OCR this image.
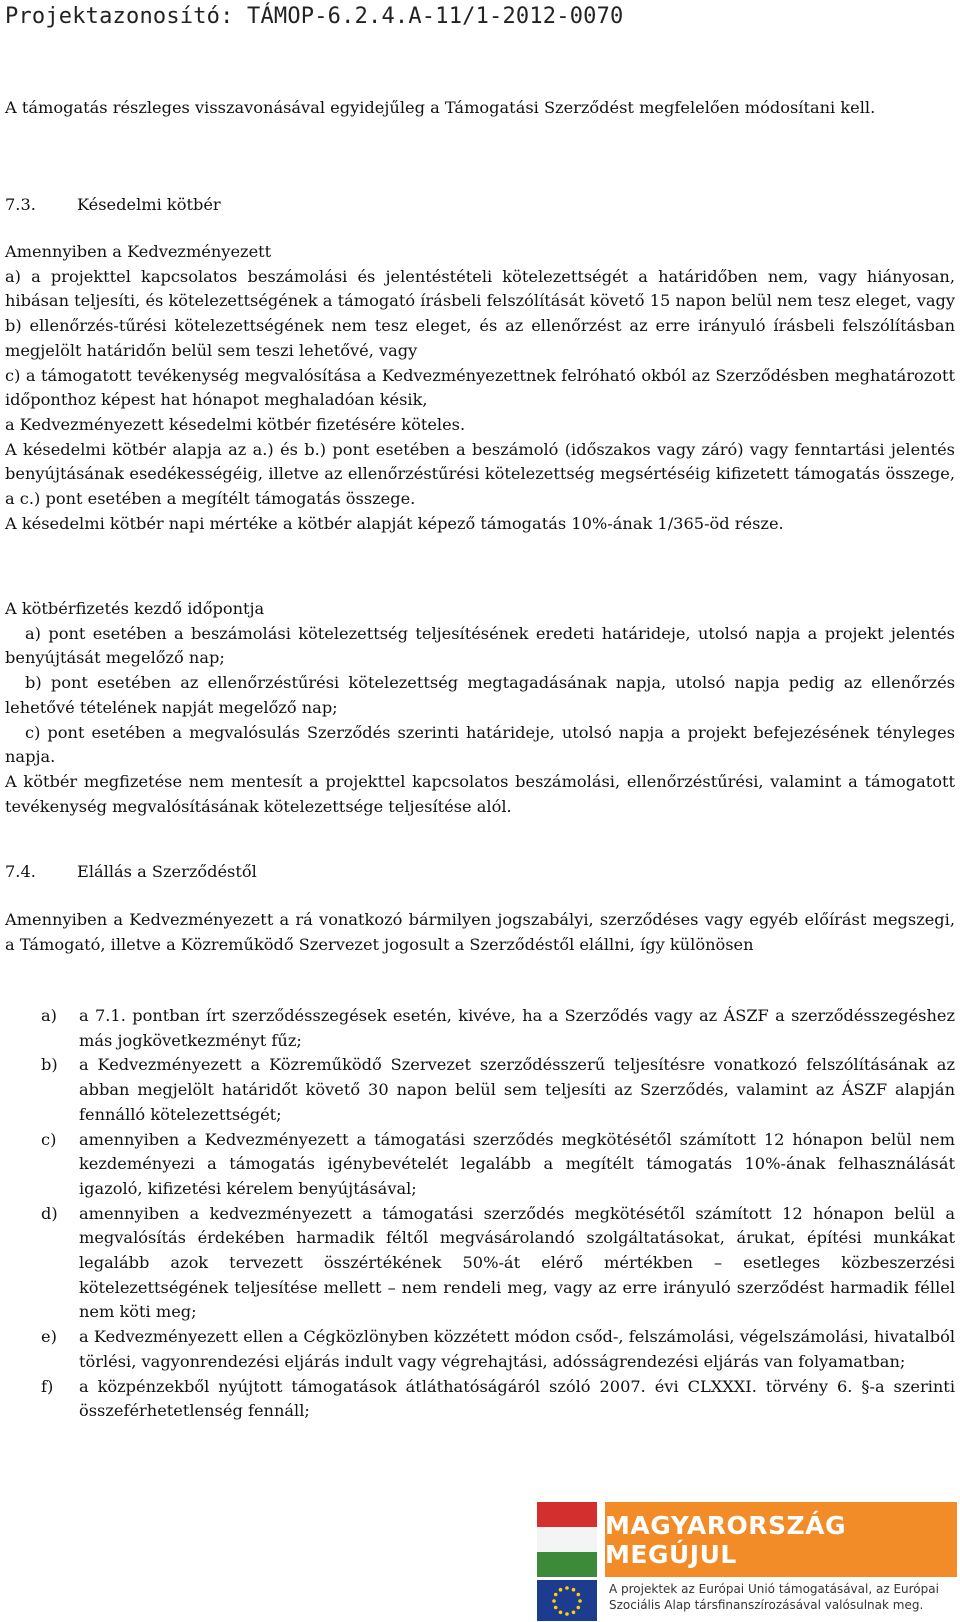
Projektazonosító: TÁMOP-6.2.4.A-11/1-2012-0070

A támogatás részleges visszavonásával egyidejűleg a Támogatási Szerződést megfelelően módosítani kell.

7.3.	Késedelmi kötbér

Amennyiben a Kedvezményezett

a) a projekttel kapcsolatos beszámolási és jelentéstételi kötelezettségét a határidőben nem, vagy hiányosan, hibásan teljesíti, és kötelezettségének a támogató írásbeli felszólítását követő 15 napon belül nem tesz eleget, vagy

b) ellenőrzés-tűrési kötelezettségének nem tesz eleget, és az ellenőrzést az erre irányuló írásbeli felszólításban megjelölt határidőn belül sem teszi lehetővé, vagy

c) a támogatott tevékenység megvalósítása a Kedvezményezettnek felróható okból az Szerződésben meghatározott időponthoz képest hat hónapot meghaladóan késik,

a Kedvezményezett késedelmi kötbér fizetésére köteles.

A késedelmi kötbér alapja az a.) és b.) pont esetében a beszámoló (időszakos vagy záró) vagy fenntartási jelentés benyújtásának esedékességéig, illetve az ellenőrzéstűrési kötelezettség megsértéséig kifizetett támogatás összege, a c.) pont esetében a megítélt támogatás összege.

A késedelmi kötbér napi mértéke a kötbér alapját képező támogatás 10%-ának 1/365-öd része.

A kötbérfizetés kezdő időpontja

a) pont esetében a beszámolási kötelezettség teljesítésének eredeti határideje, utolsó napja a projekt jelentés benyújtását megelőző nap;

b) pont esetében az ellenőrzéstűrési kötelezettség megtagadásának napja, utolsó napja pedig az ellenőrzés lehetővé tételének napját megelőző nap;

c) pont esetében a megvalósulás Szerződés szerinti határideje, utolsó napja a projekt befejezésének tényleges napja.

A kötbér megfizetése nem mentesít a projekttel kapcsolatos beszámolási, ellenőrzéstűrési, valamint a támogatott tevékenység megvalósításának kötelezettsége teljesítése alól.

7.4.	Elállás a Szerződéstől

Amennyiben a Kedvezményezett a rá vonatkozó bármilyen jogszabályi, szerződéses vagy egyéb előírást megszegi, a Támogató, illetve a Közreműködő Szervezet jogosult a Szerződéstől elállni, így különösen

a) a 7.1. pontban írt szerződésszegések esetén, kivéve, ha a Szerződés vagy az ÁSZF a szerződésszegéshez más jogkövetkezményt fűz;
b) a Kedvezményezett a Közreműködő Szervezet szerződésszerű teljesítésre vonatkozó felszólításának az abban megjelölt határidőt követő 30 napon belül sem teljesíti az Szerződés, valamint az ÁSZF alapján fennálló kötelezettségét;
c) amennyiben a Kedvezményezett a támogatási szerződés megkötésétől számított 12 hónapon belül nem kezdeményezi a támogatás igénybevételét legalább a megítélt támogatás 10%-ának felhasználását igazoló, kifizetési kérelem benyújtásával;
d) amennyiben a kedvezményezett a támogatási szerződés megkötésétől számított 12 hónapon belül a megvalósítás érdekében harmadik féltől megvásárolandó szolgáltatásokat, árukat, építési munkákat legalább azok tervezett összértékének 50%-át elérő mértékben – esetleges közbeszerzési kötelezettségének teljesítése mellett – nem rendeli meg, vagy az erre irányuló szerződést harmadik féllel nem köti meg;
e) a Kedvezményezett ellen a Cégközlönyben közzétett módon csőd-, felszámolási, végelszámolási, hivatalból törlési, vagyonrendezési eljárás indult vagy végrehajtási, adósságrendezési eljárás van folyamatban;
f) a közpénzekből nyújtott támogatások átláthatóságáról szóló 2007. évi CLXXXI. törvény 6. §-a szerinti összeférhetetlenség fennáll;
MAGYARORSZÁG MEGÚJUL
A projektek az Európai Unió támogatásával, az Európai Szociális Alap társfinanszírozásával valósulnak meg.
